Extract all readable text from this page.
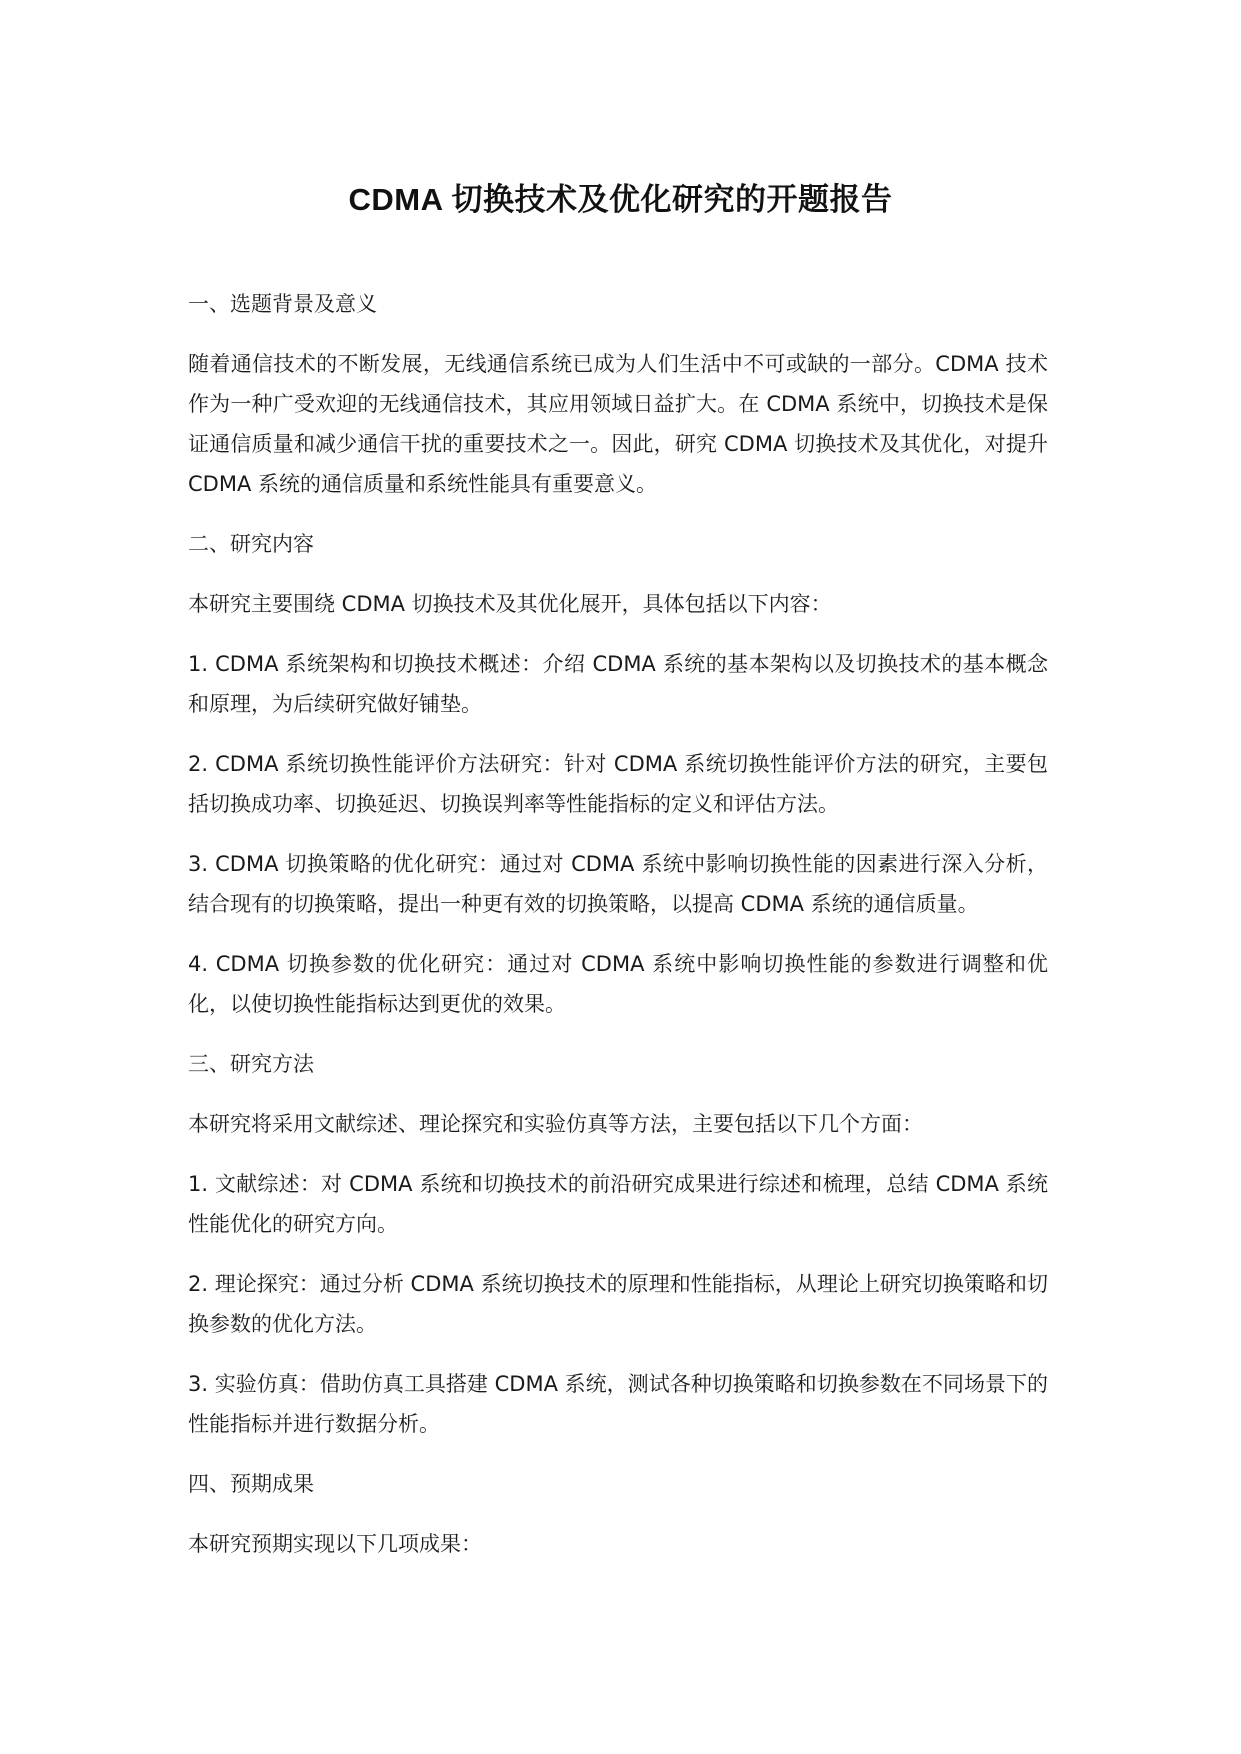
CDMA 切换技术及优化研究的开题报告
一、选题背景及意义
随着通信技术的不断发展，无线通信系统已成为人们生活中不可或缺的一部分。CDMA 技术作为一种广受欢迎的无线通信技术，其应用领域日益扩大。在 CDMA 系统中，切换技术是保证通信质量和减少通信干扰的重要技术之一。因此，研究 CDMA 切换技术及其优化，对提升 CDMA 系统的通信质量和系统性能具有重要意义。
二、研究内容
本研究主要围绕 CDMA 切换技术及其优化展开，具体包括以下内容：
1. CDMA 系统架构和切换技术概述：介绍 CDMA 系统的基本架构以及切换技术的基本概念和原理，为后续研究做好铺垫。
2. CDMA 系统切换性能评价方法研究：针对 CDMA 系统切换性能评价方法的研究，主要包括切换成功率、切换延迟、切换误判率等性能指标的定义和评估方法。
3. CDMA 切换策略的优化研究：通过对 CDMA 系统中影响切换性能的因素进行深入分析，结合现有的切换策略，提出一种更有效的切换策略，以提高 CDMA 系统的通信质量。
4. CDMA 切换参数的优化研究：通过对 CDMA 系统中影响切换性能的参数进行调整和优化，以使切换性能指标达到更优的效果。
三、研究方法
本研究将采用文献综述、理论探究和实验仿真等方法，主要包括以下几个方面：
1. 文献综述：对 CDMA 系统和切换技术的前沿研究成果进行综述和梳理，总结 CDMA 系统性能优化的研究方向。
2. 理论探究：通过分析 CDMA 系统切换技术的原理和性能指标，从理论上研究切换策略和切换参数的优化方法。
3. 实验仿真：借助仿真工具搭建 CDMA 系统，测试各种切换策略和切换参数在不同场景下的性能指标并进行数据分析。
四、预期成果
本研究预期实现以下几项成果：
